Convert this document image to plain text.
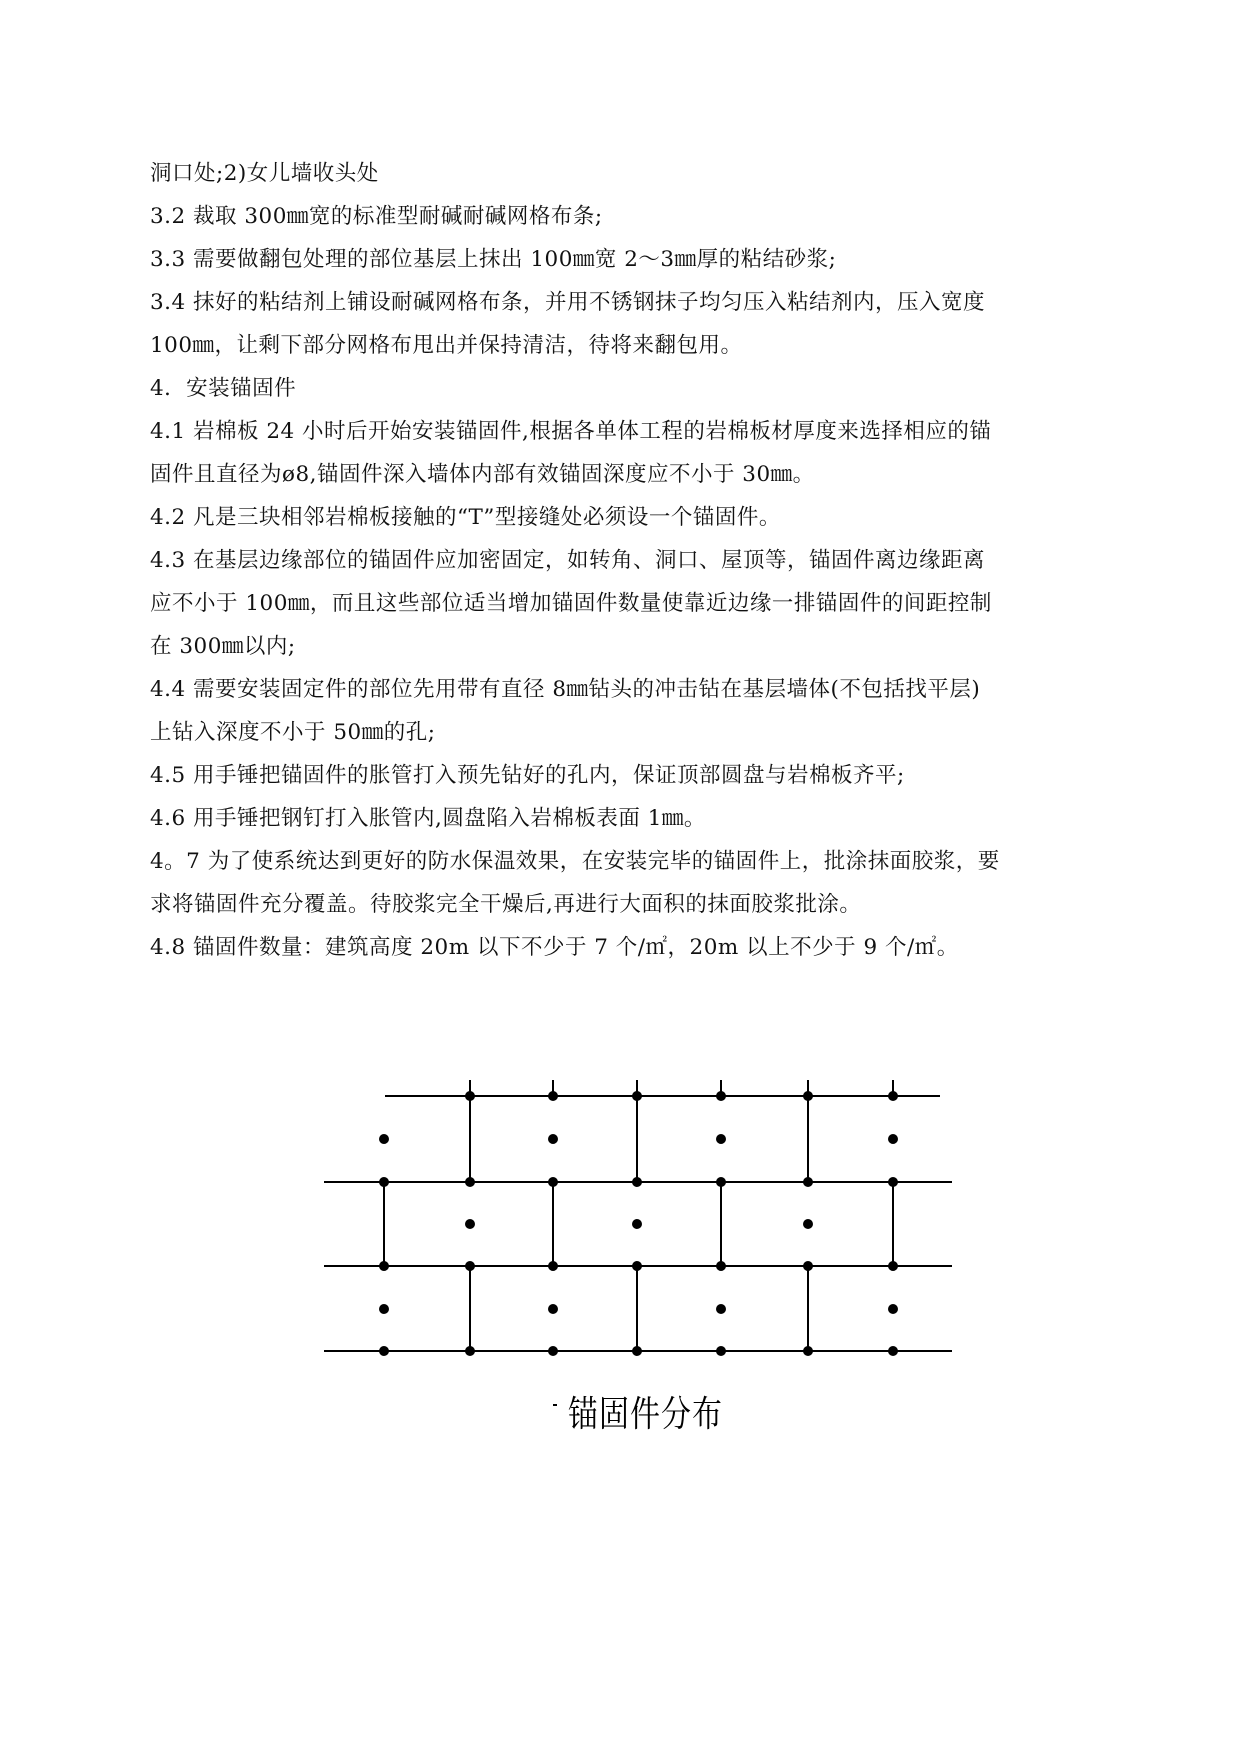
洞口处;2)女儿墙收头处

3.2 裁取 300㎜宽的标准型耐碱耐碱网格布条;

3.3 需要做翻包处理的部位基层上抹出 100㎜宽 2～3㎜厚的粘结砂浆;

3.4 抹好的粘结剂上铺设耐碱网格布条，并用不锈钢抹子均匀压入粘结剂内，压入宽度

100㎜，让剩下部分网格布甩出并保持清洁，待将来翻包用。

4．安装锚固件

4.1 岩棉板 24 小时后开始安装锚固件,根据各单体工程的岩棉板材厚度来选择相应的锚

固件且直径为ø8,锚固件深入墙体内部有效锚固深度应不小于 30㎜。

4.2 凡是三块相邻岩棉板接触的“T”型接缝处必须设一个锚固件。

4.3 在基层边缘部位的锚固件应加密固定，如转角、洞口、屋顶等，锚固件离边缘距离

应不小于 100㎜，而且这些部位适当增加锚固件数量使靠近边缘一排锚固件的间距控制

在 300㎜以内;

4.4 需要安装固定件的部位先用带有直径 8㎜钻头的冲击钻在基层墙体(不包括找平层)

上钻入深度不小于 50㎜的孔;

4.5 用手锤把锚固件的胀管打入预先钻好的孔内，保证顶部圆盘与岩棉板齐平;

4.6 用手锤把钢钉打入胀管内,圆盘陷入岩棉板表面 1㎜。

4。7 为了使系统达到更好的防水保温效果，在安装完毕的锚固件上，批涂抹面胶浆，要

求将锚固件充分覆盖。待胶浆完全干燥后,再进行大面积的抹面胶浆批涂。

4.8 锚固件数量：建筑高度 20m 以下不少于 7 个/㎡，20m 以上不少于 9 个/㎡。

锚固件分布
